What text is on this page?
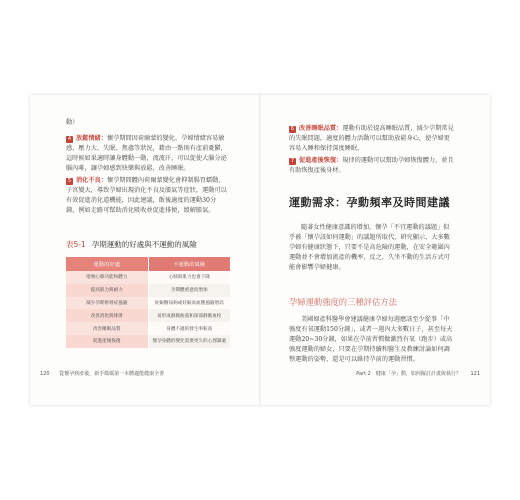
動）

4 放鬆情緒：懷孕期間因荷爾蒙的變化，孕婦情緒容易敏感、壓力大、失眠、焦慮等狀況，藉由一點則有產前憂鬱，這時候如果適時讓身體動一動，流流汗，可以促使大腦分泌腦內啡，讓孕婦感到快樂與放鬆，改善睡眠。

5 消化不良：懷孕期間體內荷爾蒙變化會抑制腸胃蠕動，子宮變大，導致孕婦出現消化不良及脹氣等症狀，運動可以有效促進消化道機能，因此建議，飯後適度的運動30分鐘，例如走路可幫助消化吸收並促進排便，緩解脹氣。

表5-1 孕期運動的好處與不運動的風險
運動的好處	不運動的風險
增強心肺功能和體力	心肺與肌力也會下降
提高肌力與耐力	孕期體重過度增加
減少孕期併發症風險	妊娠糖尿病或妊娠高血壓風險增高
改善消化與排泄	易形成靜脈曲張和深部靜脈血栓
改善睡眠品質	身體不適的發生率較高
促進產後恢復	懷孕身體的變化需要更久的心理調適
120 從懷孕到產後，新手媽媽第一本體適能健康全書

6 改善睡眠品質：運動有助於提高睡眠品質，減少孕期常見的失眠問題，適度的體力活動可以幫助放鬆身心，使孕婦更容易入睡和保持深度睡眠。

7 促進產後恢復：規律的運動可以幫助孕婦恢復體力，並且有助恢復產後身材。

運動需求：孕動頻率及時間建議

隨著女性健康意識的增加，懷孕「不宜運動的議題」似乎被「懷孕該如何運動」的議題所取代，研究顯示，大多數孕婦有健康狀態下，只要不是高危險的運動，在安全範圍內運動並不會增加流產的機率，反之，久坐不動的生活方式可能會影響孕婦健康。

孕婦運動強度的三種評估方法

美國婦產科醫學會建議健康孕婦每週應該至少從事「中強度有氧運動150分鐘」，或者一週內大多數日子，甚至每天運動20~30分鐘，如果在孕前習慣做激烈有氧（跑步）或高強度運動的婦女，只要在孕期持續和醫生及教練討論如何調整運動的姿勢，還是可以維持孕前的運動習慣。

Part 2　健康「孕」動，如何擬訂計畫與執行？ 121
